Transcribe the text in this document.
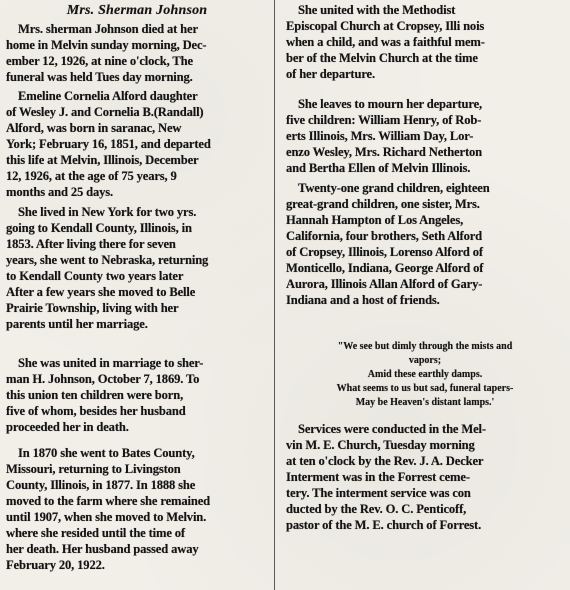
Mrs. Sherman Johnson
Mrs. sherman Johnson died at her
home in Melvin sunday morning, Dec-
ember 12, 1926, at nine o'clock, The
funeral was held Tues day morning.
Emeline Cornelia Alford daughter
of Wesley J. and Cornelia B.(Randall)
Alford, was born in saranac, New
York; February 16, 1851, and departed
this life at Melvin, Illinois, December
12, 1926, at the age of 75 years, 9
months and 25 days.
She lived in New York for two yrs.
going to Kendall County, Illinois, in
1853. After living there for seven
years, she went to Nebraska, returning
to Kendall County two years later
After a few years she moved to Belle
Prairie Township, living with her
parents until her marriage.
She was united in marriage to sher-
man H. Johnson, October 7, 1869. To
this union ten children were born,
five of whom, besides her husband
proceeded her in death.
In 1870 she went to Bates County,
Missouri, returning to Livingston
County, Illinois, in 1877. In 1888 she
moved to the farm where she remained
until 1907, when she moved to Melvin.
where she resided until the time of
her death. Her husband passed away
February 20, 1922.
She united with the Methodist
Episcopal Church at Cropsey, Illi nois
when a child, and was a faithful mem-
ber of the Melvin Church at the time
of her departure.
She leaves to mourn her departure,
five children: William Henry, of Rob-
erts Illinois, Mrs. William Day, Lor-
enzo Wesley, Mrs. Richard Netherton
and Bertha Ellen of Melvin Illinois.
Twenty-one grand children, eighteen
great-grand children, one sister, Mrs.
Hannah Hampton of Los Angeles,
California, four brothers, Seth Alford
of Cropsey, Illinois, Lorenso Alford of
Monticello, Indiana, George Alford of
Aurora, Illinois Allan Alford of Gary-
Indiana and a host of friends.
"We see but dimly through the mists and
vapors;
Amid these earthly damps.
What seems to us but sad, funeral tapers-
May be Heaven's distant lamps.'
Services were conducted in the Mel-
vin M. E. Church, Tuesday morning
at ten o'clock by the Rev. J. A. Decker
Interment was in the Forrest ceme-
tery. The interment service was con
ducted by the Rev. O. C. Penticoff,
pastor of the M. E. church of Forrest.
